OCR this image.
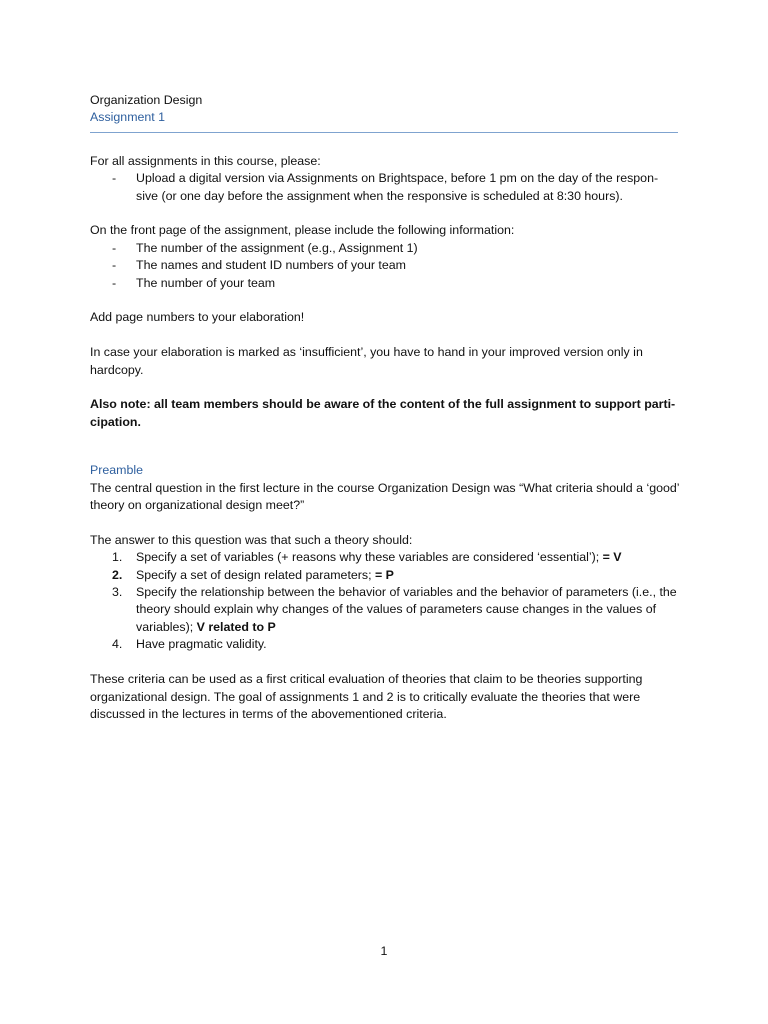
Organization Design

Assignment 1

For all assignments in this course, please:

- Upload a digital version via Assignments on Brightspace, before 1 pm on the day of the respon-sive (or one day before the assignment when the responsive is scheduled at 8:30 hours).

On the front page of the assignment, please include the following information:

- The number of the assignment (e.g., Assignment 1)
- The names and student ID numbers of your team
- The number of your team

Add page numbers to your elaboration!

In case your elaboration is marked as ‘insufficient’, you have to hand in your improved version only in hardcopy.

Also note: all team members should be aware of the content of the full assignment to support parti-cipation.

Preamble

The central question in the first lecture in the course Organization Design was “What criteria should a ‘good’ theory on organizational design meet?”

The answer to this question was that such a theory should:

1. Specify a set of variables (+ reasons why these variables are considered ‘essential’); = V
2. Specify a set of design related parameters; = P
3. Specify the relationship between the behavior of variables and the behavior of parameters (i.e., the theory should explain why changes of the values of parameters cause changes in the values of variables); V related to P
4. Have pragmatic validity.

These criteria can be used as a first critical evaluation of theories that claim to be theories supporting organizational design. The goal of assignments 1 and 2 is to critically evaluate the theories that were discussed in the lectures in terms of the abovementioned criteria.

1
